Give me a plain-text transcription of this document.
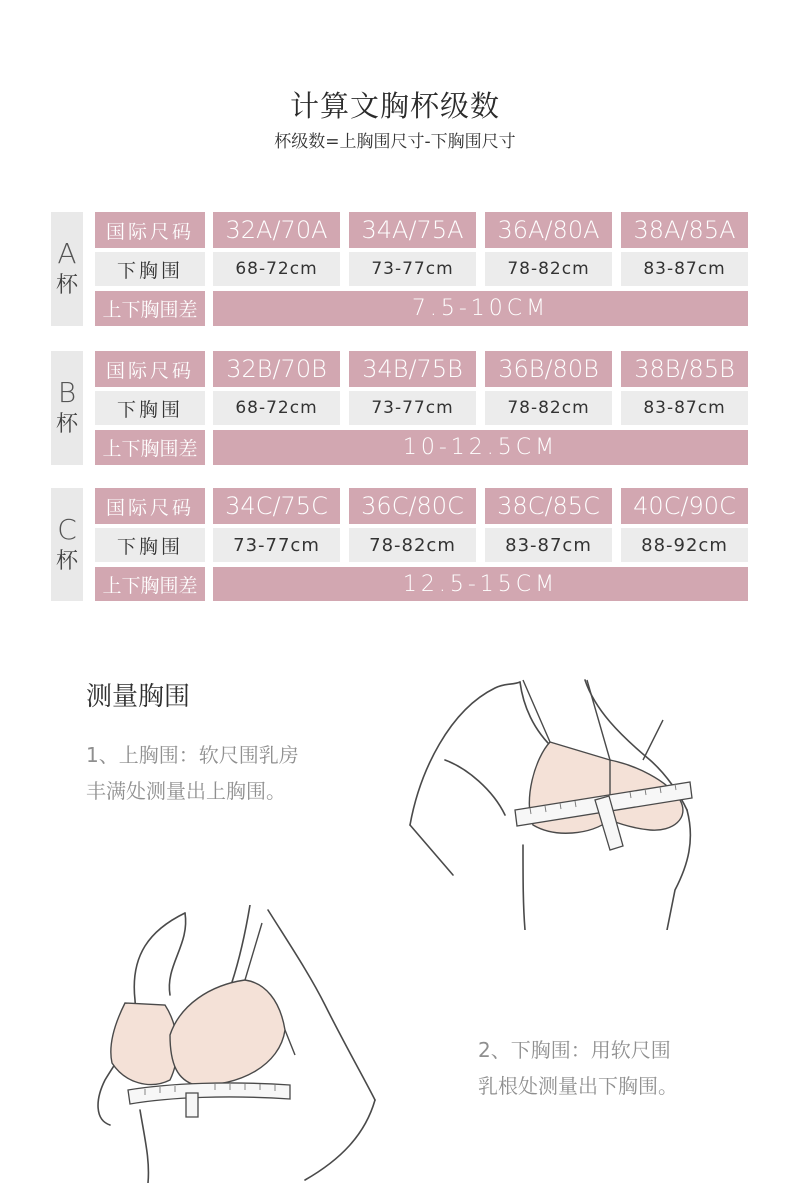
计算文胸杯级数
杯级数=上胸围尺寸-下胸围尺寸
A
杯
国际尺码	32A/70A	34A/75A	36A/80A	38A/85A
下胸围	68-72cm	73-77cm	78-82cm	83-87cm
上下胸围差	7.5-10CM
B
杯
国际尺码	32B/70B	34B/75B	36B/80B	38B/85B
下胸围	68-72cm	73-77cm	78-82cm	83-87cm
上下胸围差	10-12.5CM
C
杯
国际尺码	34C/75C	36C/80C	38C/85C	40C/90C
下胸围	73-77cm	78-82cm	83-87cm	88-92cm
上下胸围差	12.5-15CM
测量胸围
1、上胸围：软尺围乳房
丰满处测量出上胸围。
2、下胸围：用软尺围
乳根处测量出下胸围。
